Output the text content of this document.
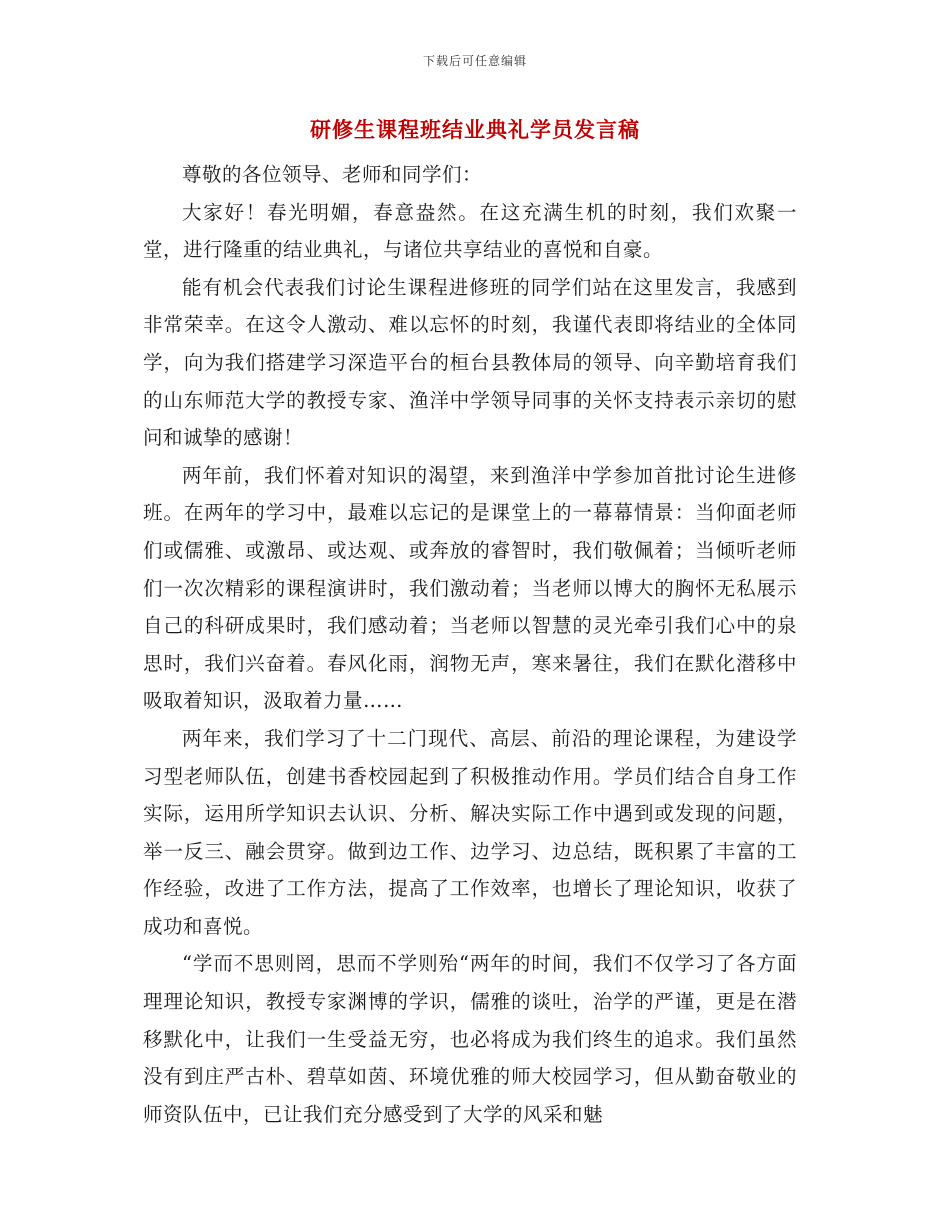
下载后可任意编辑
研修生课程班结业典礼学员发言稿

尊敬的各位领导、老师和同学们：

大家好！春光明媚，春意盎然。在这充满生机的时刻，我们欢聚一堂，进行隆重的结业典礼，与诸位共享结业的喜悦和自豪。

能有机会代表我们讨论生课程进修班的同学们站在这里发言，我感到非常荣幸。在这令人激动、难以忘怀的时刻，我谨代表即将结业的全体同学，向为我们搭建学习深造平台的桓台县教体局的领导、向辛勤培育我们的山东师范大学的教授专家、渔洋中学领导同事的关怀支持表示亲切的慰问和诚挚的感谢！

两年前，我们怀着对知识的渴望，来到渔洋中学参加首批讨论生进修班。在两年的学习中，最难以忘记的是课堂上的一幕幕情景：当仰面老师们或儒雅、或激昂、或达观、或奔放的睿智时，我们敬佩着；当倾听老师们一次次精彩的课程演讲时，我们激动着；当老师以博大的胸怀无私展示自己的科研成果时，我们感动着；当老师以智慧的灵光牵引我们心中的泉思时，我们兴奋着。春风化雨，润物无声，寒来暑往，我们在默化潜移中吸取着知识，汲取着力量……

两年来，我们学习了十二门现代、高层、前沿的理论课程，为建设学习型老师队伍，创建书香校园起到了积极推动作用。学员们结合自身工作实际，运用所学知识去认识、分析、解决实际工作中遇到或发现的问题，举一反三、融会贯穿。做到边工作、边学习、边总结，既积累了丰富的工作经验，改进了工作方法，提高了工作效率，也增长了理论知识，收获了成功和喜悦。

“学而不思则罔，思而不学则殆“两年的时间，我们不仅学习了各方面理理论知识，教授专家渊博的学识，儒雅的谈吐，治学的严谨，更是在潜移默化中，让我们一生受益无穷，也必将成为我们终生的追求。我们虽然没有到庄严古朴、碧草如茵、环境优雅的师大校园学习，但从勤奋敬业的师资队伍中，已让我们充分感受到了大学的风采和魅
